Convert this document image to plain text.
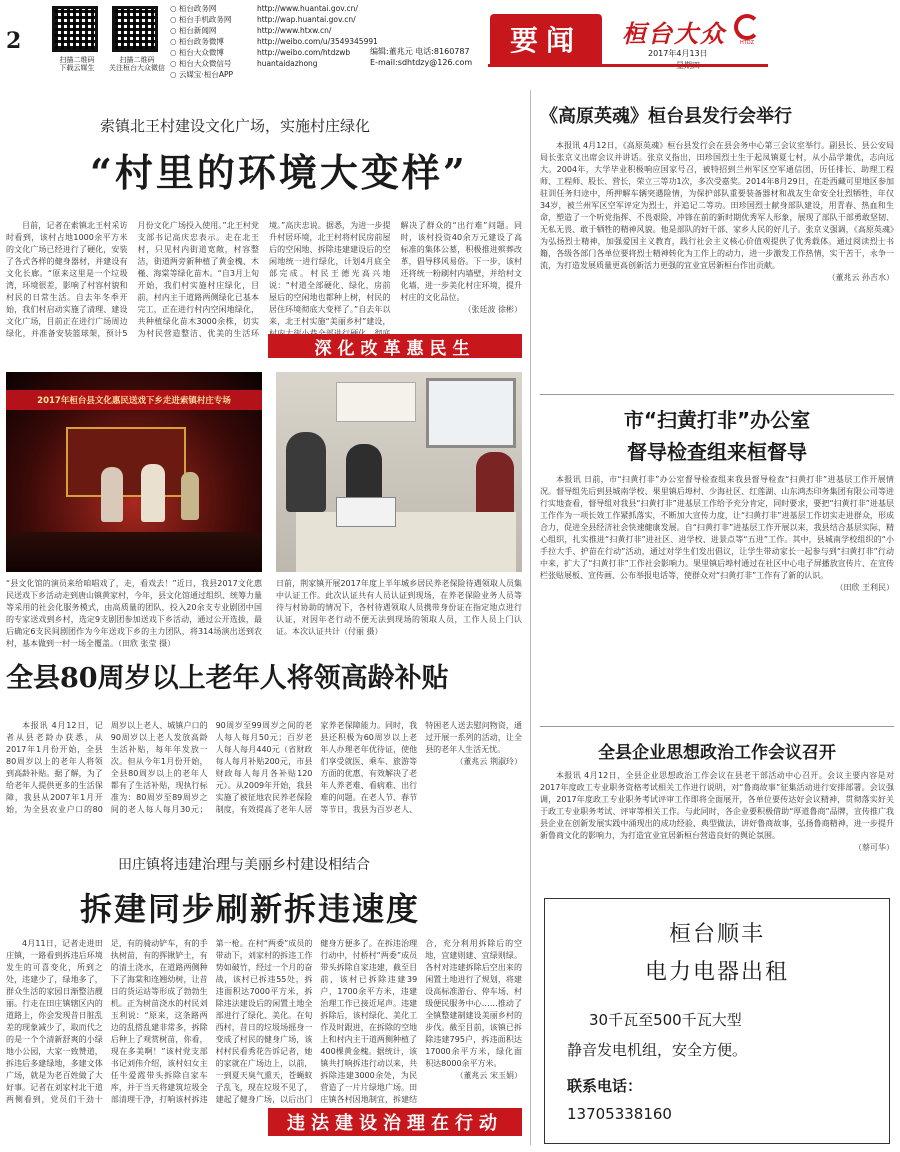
2
扫描二维码
下载云媒生
扫描二维码
关注桓台大众微信
○ 桓台政务网	http://www.huantai.gov.cn/
○ 桓台手机政务网	http://wap.huantai.gov.cn/
○ 桓台新闻网	http://www.htxw.cn/
○ 桓台政务微博	http://weibo.com/u/3549345991
○ 桓台大众微博	http://weibo.com/htdzwb
○ 桓台大众微信号	huantaidazhong
○ 云媒宝·桓台APP
编辑:董兆元 电话:8160787
E-mail:sdhtdzy@126.com
要闻 桓台大众	HTDZ
2017年4月13日
索镇北王村建设文化广场，实施村庄绿化
“村里的环境大变样”

目前，记者在索镇北王村采访时看到，该村占地1000余平方米的文化广场已经进行了硬化，安装了各式各样的健身器材，并建设有文化长廊。“原来这里是一个垃圾湾，环境很差，影响了村容村貌和村民的日常生活。自去年冬季开始，我们村启动实施了清理、建设文化广场，目前正在进行广场周边绿化，并准备安装篮球架，预计5月份文化广场投入使用。”北王村党支部书记高庆忠表示。走在北王村，只见村内街道宽敞，村容整洁，街道两旁新种植了黄金槐、木槿、海棠等绿化苗木。“自3月上旬开始，我们村实施村庄绿化，目前，村内主干道路两侧绿化已基本完工，正在进行村内空闲地绿化，共种植绿化苗木3000余株，切实为村民营造整洁、优美的生活环境。”高庆忠说。据悉，为进一步提升村居环境，北王村将村民房前屋后的空闲地、拆除违建建设后的空闲地统一进行绿化，计划4月底全部完成。村民王德光高兴地说：“村道全部硬化、绿化，房前屋后的空闲地也都种上树，村民的居住环境彻底大变样了。”自去年以来，北王村实施“美丽乡村”建设， 解决了群众的“出行难”问题。同时，该村投资40余万元建设了高标准的集体公墓，积极推进殡葬改革，倡导移风易俗。下一步，该村还将统一粉刷村内墙壁，并给村文化墙，进一步美化村庄环境，提升村庄的文化品位。

（张廷波 徐彬）

深化改革惠民生
2017年桓台县文化惠民送戏下乡走进索镇村庄专场
“县文化馆的演员来给咱唱戏了，走，看戏去！”近日，我县2017文化惠民送戏下乡活动走到唐山镇黄家村，今年，县文化馆通过组织、统筹力量等采用的社会化服务模式，由高质量的团队，投入20余支专业剧团中国的专家送戏到乡村，选定9支剧团参加送戏下乡活动，通过公开选拔，最后确定6支民间剧团作为今年送戏下乡的主力团队，将314场演出送到农村，基本做到一村一场全覆盖。（田欣 张莹 摄）
日前，荆家镇开展2017年度上半年城乡居民养老保险待遇领取人员集中认证工作。此次认证共有人员认证到现场，在养老保险业务人员等待与村协助的情况下，各村待遇领取人员携带身份证在指定地点进行认证，对因年老行动不便无法到现场的领取人员，工作人员上门认证。本次认证共计（付丽 摄）
全县80周岁以上老年人将领高龄补贴

本报讯 4月12日，记者从县老龄办获悉，从2017年1月份开始，全县80周岁以上的老年人将领到高龄补贴。据了解，为了给老年人提供更多的生活保障，我县从2007年1月开始，为全县农业户口的80周岁以上老人、城镇户口的90周岁以上老人发放高龄生活补贴，每年年发放一次。但从今年1月份开始，全县80周岁以上的老年人都有了生活补贴，现执行标准为：80周岁至89周岁之间的老人每人每月30元；90周岁至99周岁之间的老人每人每月50元；百岁老人每人每月440元（省财政每人每月补贴200元，市县财政每人每月各补贴120元）。从2009年开始，我县实施了被征地农民养老保险制度，有效提高了老年人居家养老保障能力。同时，我县还积极为60周岁以上老年人办理老年优待证，使他们享受就医、乘车、旅游等方面的优惠，有效解决了老年人养老难、看病难、出行难的问题。在老人节、春节等节日，我县为百岁老人、特困老人送去慰问物资，通过开展一系列的活动，让全县的老年人生活无忧。

（董兆云 荆淑玲）

田庄镇将违建治理与美丽乡村建设相结合
拆建同步刷新拆违速度

4月11日，记者走进田庄镇，一路看到拆违后环境发生的可喜变化，所到之处，违建少了，绿地多了，群众生活的家园日渐整洁靓丽。行走在田庄镇辖区内的道路上，你会发现昔日脏乱差的现象减少了，取而代之的是一个个清新舒爽的小绿地小公园，大家一致赞道，拆违后多建绿地，多建文体广场，就是为老百姓做了大好事。记者在刘家村北干道两侧看到，党员们干劲十足，有的骑动铲车，有的手执树苗，有的挥锹铲土，有的清土浇水，在道路两侧种下了海棠和连翘幼树，让昔日的货运站等形成了勃勃生机。正为树苗浇水的村民刘玉利说：“原来，这条路两边的乱搭乱建非常多，拆除后种上了观赏树苗，你看，现在多美啊！”该村党支部书记刘伟介绍，该村妇女主任牛爱霞带头拆除自家车库，并于当天将建筑垃圾全部清理干净，打响该村拆违第一枪。在村“两委”成员的带动下，刘家村的拆违工作势如破竹，经过一个月的奋战，该村已拆违55处，拆违面积达7000平方米，拆除违法建设后的闲置土地全部进行了绿化、美化。在旬西村，昔日的垃圾场摇身一变成了村民的健身广场，该村村民看秀花告诉记者，她的家就在广场边上，以前，一到夏天臭气熏天，苍蝇蚊子乱飞，现在垃圾不见了，建起了健身广场，以后出门健身方便多了。在拆违治理行动中，付桥村“两委”成员带头拆除自家违建，截至目前，该村已拆除违建39户，1700余平方米，违建治理工作已接近尾声。违建拆除后，该村绿化、美化工作及时跟进，在拆除的空地上和村内主干道两侧种植了400棵黄金槐。据统计，该镇共打响拆违行动以来，共拆除违建3000余处，为民营造了一片片绿地广场。田庄镇各村因地制宜，拆建结合，充分利用拆除后的空地，宜建则建、宜绿则绿。各村对违建拆除后空出来的闲置土地进行了规划，将建设高标准游台、停车场、村级便民服务中心……推动了全镇整建制建设美丽乡村的步伐。截至目前，该镇已拆除违建795户，拆违面积达17000余平方米，绿化面积达8000余平方米。

（董兆云 宋玉娟）

违法建设治理在行动
《高原英魂》桓台县发行会举行

本报讯 4月12日，《高原英魂》桓台县发行会在县会务中心第三会议室举行。副县长、县公安局局长张京义出席会议并讲话。张京义指出，田珍国烈士生于起凤镇夏七村，从小品学兼优，志向远大。2004年，大学毕业积极响应国家号召，被特招到兰州军区空军通信团，历任排长、助理工程师、工程师、股长、营长，荣立三等功1次，多次受嘉奖。2014年8月29日，在赴西藏可里地区参加驻训任务归途中，所押解车辆突遇险情，为保护部队重要装备器材和战友生命安全壮烈牺牲，年仅34岁，被兰州军区空军评定为烈士，并追记二等功。田珍国烈士献身部队建设，用青春、热血和生命，塑造了一个听党指挥、不畏艰险，冲锋在前的新时期优秀军人形象，展现了部队干部勇敢坚韧、无私无畏、敢于牺牲的精神风貌。他是部队的好干部、家乡人民的好儿子。张京义强调，《高原英魂》为弘扬烈士精神，加强爱国主义教育，践行社会主义核心价值观提供了优秀载体。通过阅读烈士书籍，各级各部门各单位要将烈士精神转化为工作上的动力，进一步激发工作热情，实干苦干，永争一流，为打造发展质量更高创新活力更强的宜业宜居新桓台作出贡献。

（董兆云 孙吉水）

市“扫黄打非”办公室
督导检查组来桓督导

本报讯 日前，市“扫黄打非”办公室督导检查组来我县督导检查“扫黄打非”进基层工作开展情况。督导组先后到县城南学校、果里镇后埠村、少海社区、红莲湖、山东鸿杰印务集团有限公司等进行实地查看，督导组对我县“扫黄打非”进基层工作给予充分肯定，同时要求，要把“扫黄打非”进基层工作作为一项长效工作紧抓落实，不断加大宣传力度，让“扫黄打非”进基层工作切实走进群众，形成合力，促进全县经济社会快速健康发展。自“扫黄打非”进基层工作开展以来，我县结合基层实际，精心组织，扎实推进“扫黄打非”进社区、进学校、进景点等“五进”工作。其中，县城南学校组织的“小手拉大手、护苗在行动”活动，通过对学生们发出倡议，让学生带动家长一起参与到“扫黄打非”行动中来，扩大了“扫黄打非”工作社会影响力。果里镇后埠村通过在社区中心电子屏播放宣传片、在宣传栏张贴展板、宣传画、公布举报电话等，使群众对“扫黄打非”工作有了新的认识。

（田欣 王利民）

全县企业思想政治工作会议召开

本报讯 4月12日，全县企业思想政治工作会议在县老干部活动中心召开。会议主要内容是对2017年度政工专业职务资格考试相关工作进行说明，对“鲁商故事”征集活动进行安排部署。会议强调，2017年度政工专业职务考试评审工作即将全面展开，各单位要传达好会议精神，贯彻落实好关于政工专业职务考试、评审等相关工作。与此同时，各企业要积极借助“厚道鲁商”品牌，宣传推广我县企业在创新发展实践中涌现出的成功经验、典型做法，讲好鲁商故事，弘扬鲁商精神，进一步提升新鲁商文化的影响力，为打造宜业宜居新桓台营造良好的舆论氛围。

（蔡可华）

桓台顺丰
电力电器出租
30千瓦至500千瓦大型
静音发电机组，安全方便。
联系电话：
13705338160
